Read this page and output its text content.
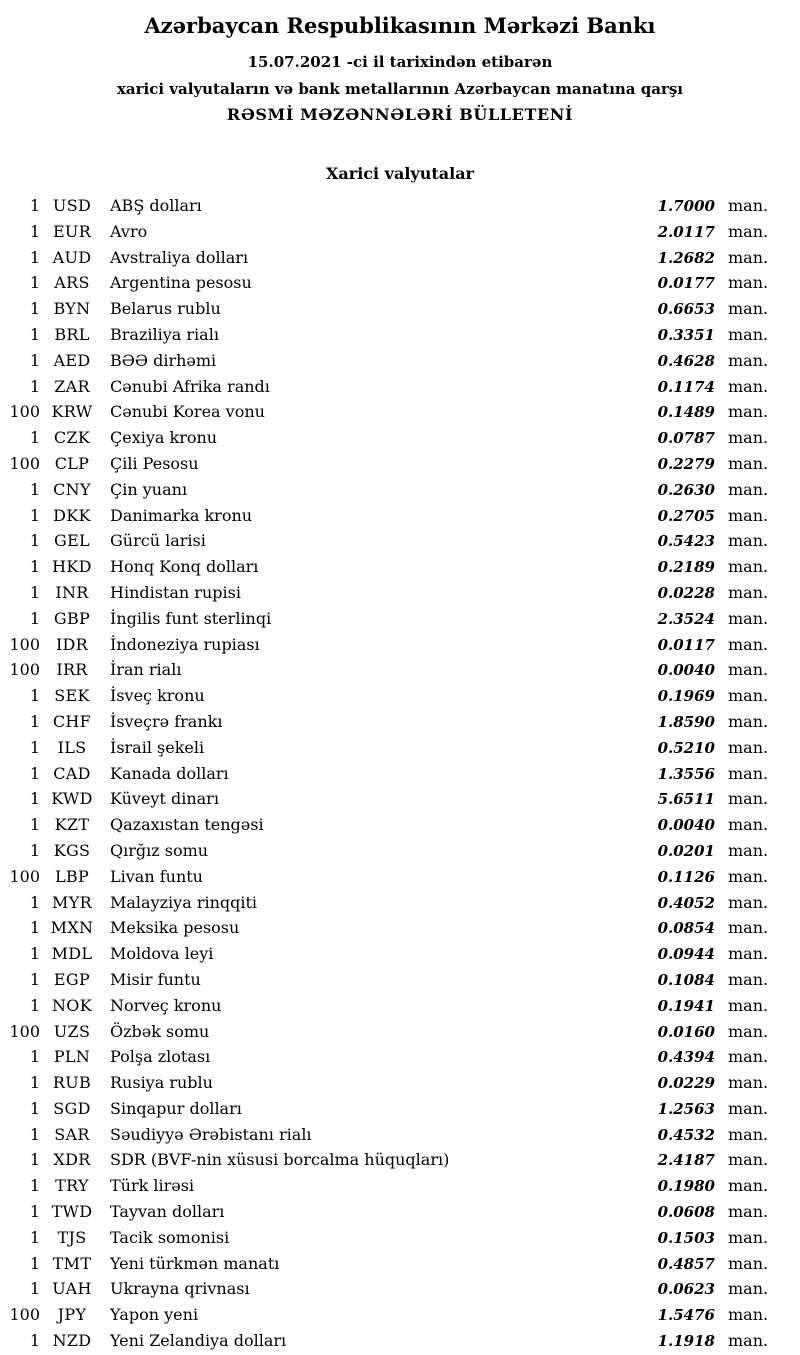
Azərbaycan Respublikasının Mərkəzi Bankı

15.07.2021 -ci il tarixindən etibarən

xarici valyutaların və bank metallarının Azərbaycan manatına qarşı

RƏSMİ MƏZƏNNƏLƏRİ BÜLLETENİ

Xarici valyutalar
1 USD	ABŞ dolları	1.7000 man.
1 EUR	Avro	2.0117 man.
1 AUD	Avstraliya dolları	1.2682 man.
1 ARS	Argentina pesosu	0.0177 man.
1 BYN	Belarus rublu	0.6653 man.
1 BRL	Braziliya rialı	0.3351 man.
1 AED	BƏƏ dirhəmi	0.4628 man.
1 ZAR	Cənubi Afrika randı	0.1174 man.
100 KRW	Cənubi Korea vonu	0.1489 man.
1 CZK	Çexiya kronu	0.0787 man.
100 CLP	Çili Pesosu	0.2279 man.
1 CNY	Çin yuanı	0.2630 man.
1 DKK	Danimarka kronu	0.2705 man.
1 GEL	Gürcü larisi	0.5423 man.
1 HKD	Honq Konq dolları	0.2189 man.
1 INR	Hindistan rupisi	0.0228 man.
1 GBP	İngilis funt sterlinqi	2.3524 man.
100 IDR	İndoneziya rupiası	0.0117 man.
100	IRR	İran rialı	0.0040 man.
1 SEK	İsveç kronu	0.1969 man.
1 CHF	İsveçrə frankı	1.8590 man.
1	ILS	İsrail şekeli	0.5210 man.
1 CAD	Kanada dolları	1.3556 man.
1 KWD	Küveyt dinarı	5.6511 man.
1 KZT	Qazaxıstan tengəsi	0.0040 man.
1 KGS	Qırğız somu	0.0201 man.
100 LBP	Livan funtu	0.1126 man.
1 MYR	Malayziya rinqqiti	0.4052 man.
1 MXN	Meksika pesosu	0.0854 man.
1 MDL	Moldova leyi	0.0944 man.
1 EGP	Misir funtu	0.1084 man.
1 NOK	Norveç kronu	0.1941 man.
100 UZS	Özbək somu	0.0160 man.
1 PLN	Polşa zlotası	0.4394 man.
1 RUB	Rusiya rublu	0.0229 man.
1 SGD	Sinqapur dolları	1.2563 man.
1 SAR	Səudiyyə Ərəbistanı rialı	0.4532 man.
1 XDR	SDR (BVF-nin xüsusi borcalma hüquqları)	2.4187 man.
1 TRY	Türk lirəsi	0.1980 man.
1 TWD	Tayvan dolları	0.0608 man.
1	TJS	Tacik somonisi	0.1503 man.
1 TMT	Yeni türkmən manatı	0.4857 man.
1 UAH	Ukrayna qrivnası	0.0623 man.
100	JPY	Yapon yeni	1.5476 man.
1 NZD	Yeni Zelandiya dolları	1.1918 man.
